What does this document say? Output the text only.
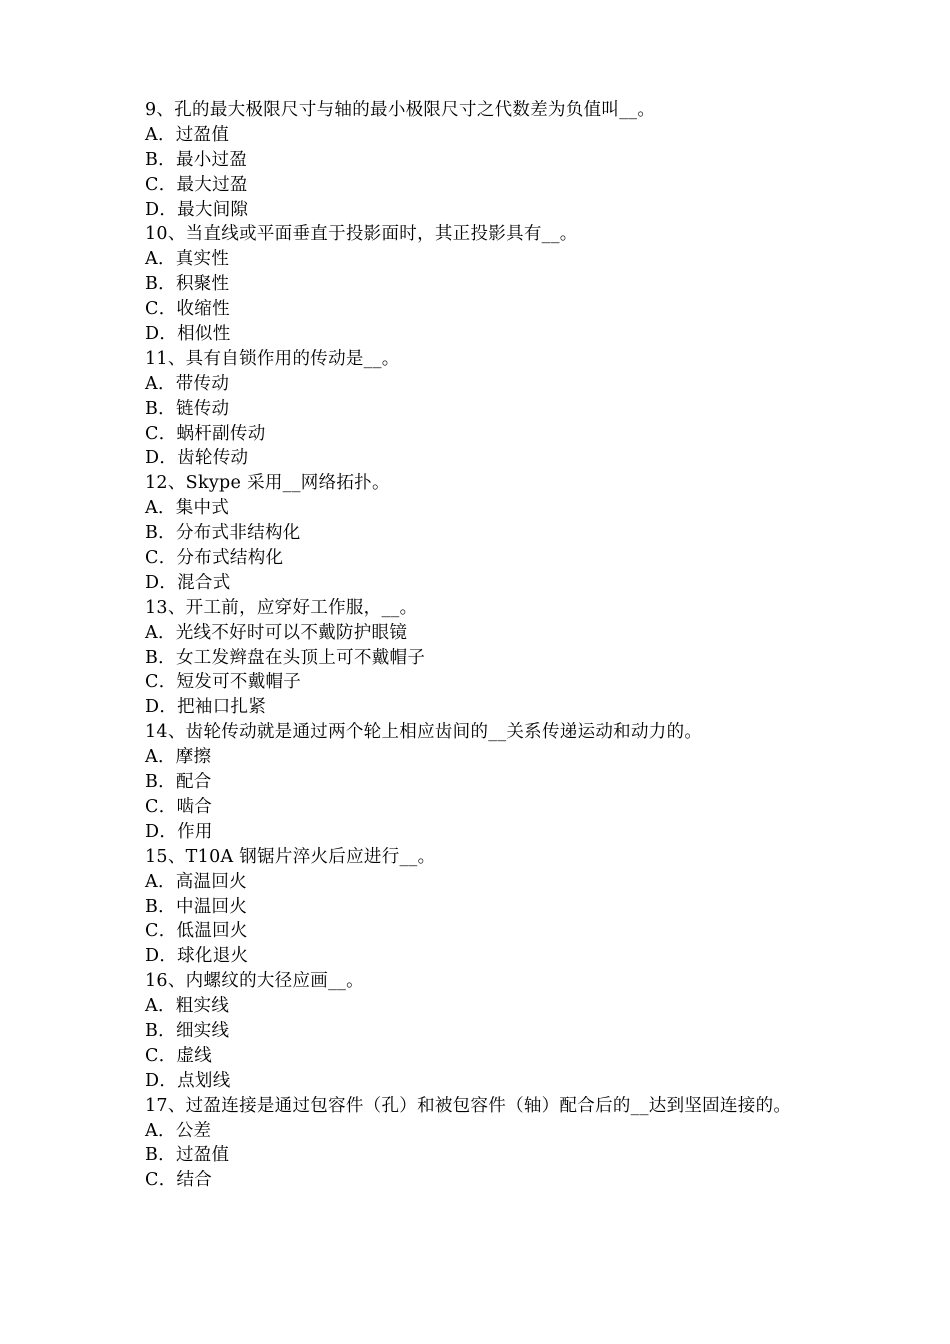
9、孔的最大极限尺寸与轴的最小极限尺寸之代数差为负值叫__。
A．过盈值
B．最小过盈
C．最大过盈
D．最大间隙
10、当直线或平面垂直于投影面时，其正投影具有__。
A．真实性
B．积聚性
C．收缩性
D．相似性
11、具有自锁作用的传动是__。
A．带传动
B．链传动
C．蜗杆副传动
D．齿轮传动
12、Skype 采用__网络拓扑。
A．集中式
B．分布式非结构化
C．分布式结构化
D．混合式
13、开工前，应穿好工作服，__。
A．光线不好时可以不戴防护眼镜
B．女工发辫盘在头顶上可不戴帽子
C．短发可不戴帽子
D．把袖口扎紧
14、齿轮传动就是通过两个轮上相应齿间的__关系传递运动和动力的。
A．摩擦
B．配合
C．啮合
D．作用
15、T10A 钢锯片淬火后应进行__。
A．高温回火
B．中温回火
C．低温回火
D．球化退火
16、内螺纹的大径应画__。
A．粗实线
B．细实线
C．虚线
D．点划线
17、过盈连接是通过包容件（孔）和被包容件（轴）配合后的__达到坚固连接的。
A．公差
B．过盈值
C．结合
